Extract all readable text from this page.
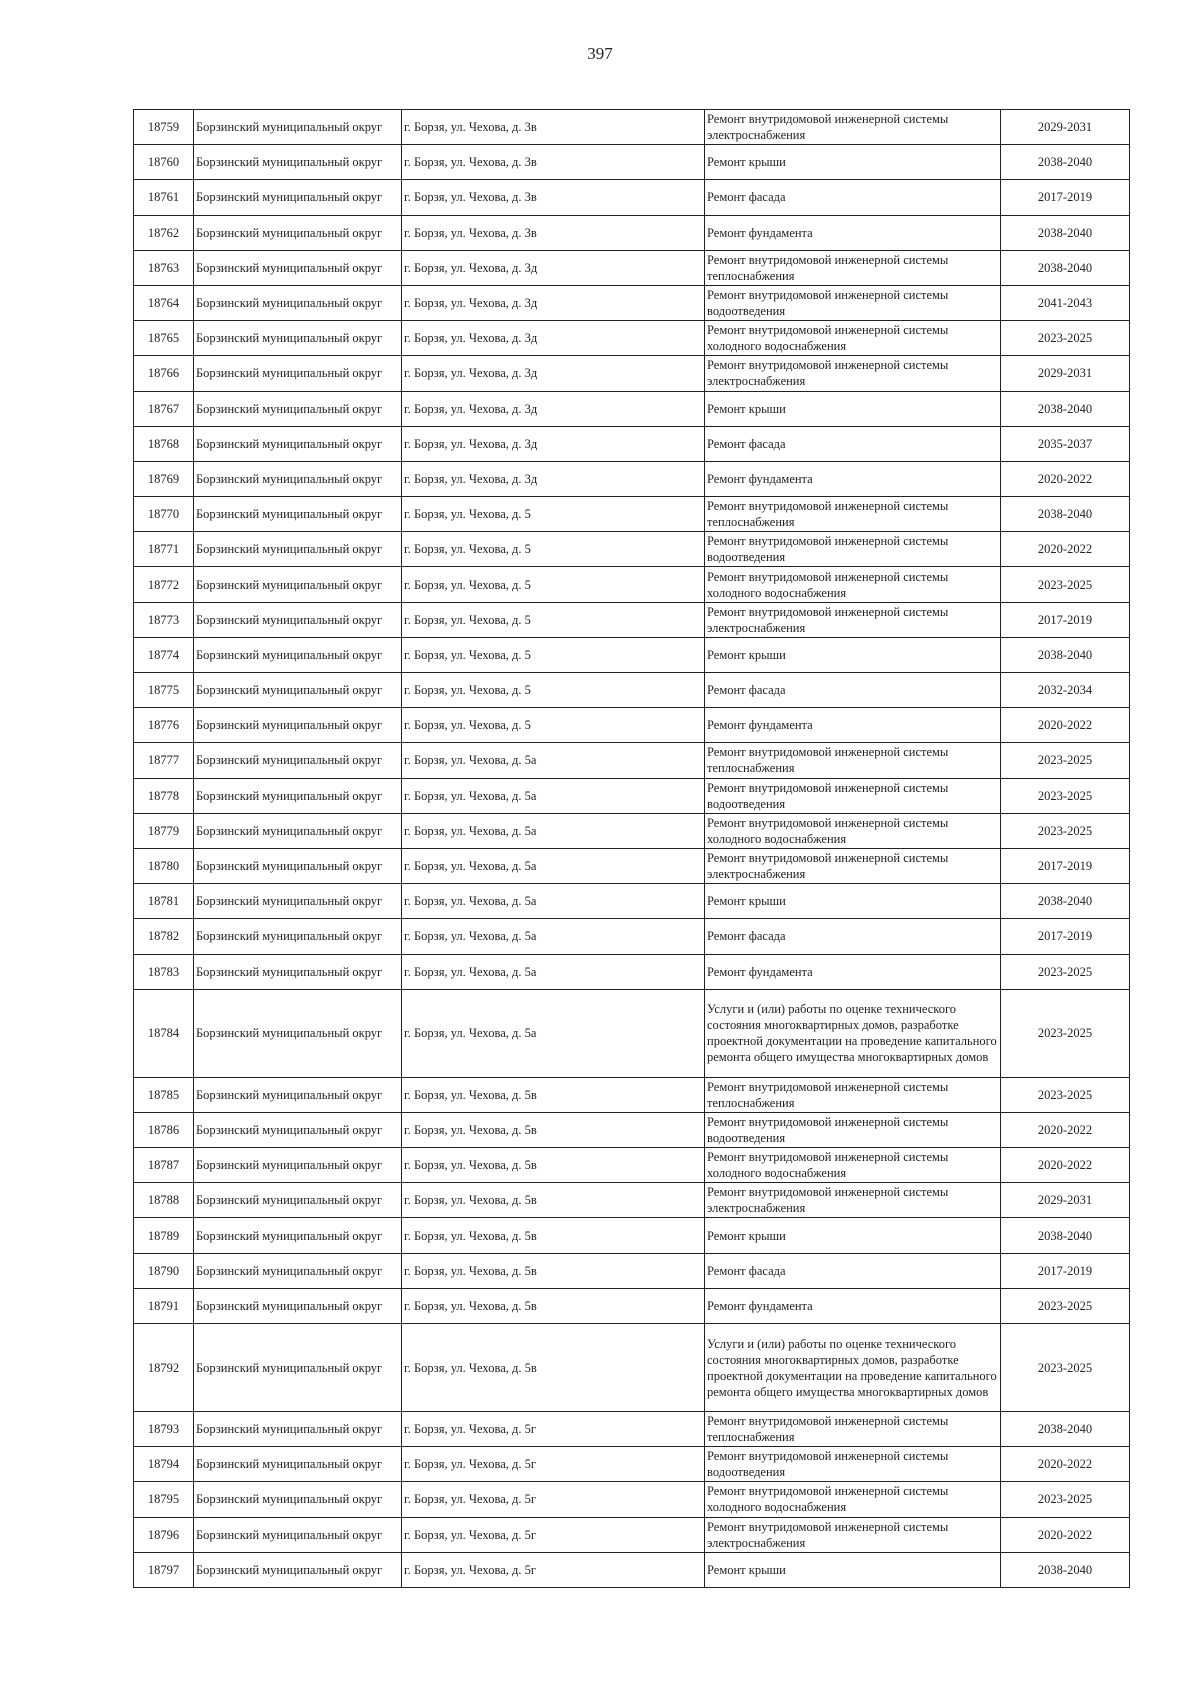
397
18759	Борзинский муниципальный округ	г. Борзя, ул. Чехова, д. 3в	Ремонт внутридомовой инженерной системы электроснабжения	2029-2031
18760	Борзинский муниципальный округ	г. Борзя, ул. Чехова, д. 3в	Ремонт крыши	2038-2040
18761	Борзинский муниципальный округ	г. Борзя, ул. Чехова, д. 3в	Ремонт фасада	2017-2019
18762	Борзинский муниципальный округ	г. Борзя, ул. Чехова, д. 3в	Ремонт фундамента	2038-2040
18763	Борзинский муниципальный округ	г. Борзя, ул. Чехова, д. 3д	Ремонт внутридомовой инженерной системы теплоснабжения	2038-2040
18764	Борзинский муниципальный округ	г. Борзя, ул. Чехова, д. 3д	Ремонт внутридомовой инженерной системы водоотведения	2041-2043
18765	Борзинский муниципальный округ	г. Борзя, ул. Чехова, д. 3д	Ремонт внутридомовой инженерной системы холодного водоснабжения	2023-2025
18766	Борзинский муниципальный округ	г. Борзя, ул. Чехова, д. 3д	Ремонт внутридомовой инженерной системы электроснабжения	2029-2031
18767	Борзинский муниципальный округ	г. Борзя, ул. Чехова, д. 3д	Ремонт крыши	2038-2040
18768	Борзинский муниципальный округ	г. Борзя, ул. Чехова, д. 3д	Ремонт фасада	2035-2037
18769	Борзинский муниципальный округ	г. Борзя, ул. Чехова, д. 3д	Ремонт фундамента	2020-2022
18770	Борзинский муниципальный округ	г. Борзя, ул. Чехова, д. 5	Ремонт внутридомовой инженерной системы теплоснабжения	2038-2040
18771	Борзинский муниципальный округ	г. Борзя, ул. Чехова, д. 5	Ремонт внутридомовой инженерной системы водоотведения	2020-2022
18772	Борзинский муниципальный округ	г. Борзя, ул. Чехова, д. 5	Ремонт внутридомовой инженерной системы холодного водоснабжения	2023-2025
18773	Борзинский муниципальный округ	г. Борзя, ул. Чехова, д. 5	Ремонт внутридомовой инженерной системы электроснабжения	2017-2019
18774	Борзинский муниципальный округ	г. Борзя, ул. Чехова, д. 5	Ремонт крыши	2038-2040
18775	Борзинский муниципальный округ	г. Борзя, ул. Чехова, д. 5	Ремонт фасада	2032-2034
18776	Борзинский муниципальный округ	г. Борзя, ул. Чехова, д. 5	Ремонт фундамента	2020-2022
18777	Борзинский муниципальный округ	г. Борзя, ул. Чехова, д. 5а	Ремонт внутридомовой инженерной системы теплоснабжения	2023-2025
18778	Борзинский муниципальный округ	г. Борзя, ул. Чехова, д. 5а	Ремонт внутридомовой инженерной системы водоотведения	2023-2025
18779	Борзинский муниципальный округ	г. Борзя, ул. Чехова, д. 5а	Ремонт внутридомовой инженерной системы холодного водоснабжения	2023-2025
18780	Борзинский муниципальный округ	г. Борзя, ул. Чехова, д. 5а	Ремонт внутридомовой инженерной системы электроснабжения	2017-2019
18781	Борзинский муниципальный округ	г. Борзя, ул. Чехова, д. 5а	Ремонт крыши	2038-2040
18782	Борзинский муниципальный округ	г. Борзя, ул. Чехова, д. 5а	Ремонт фасада	2017-2019
18783	Борзинский муниципальный округ	г. Борзя, ул. Чехова, д. 5а	Ремонт фундамента	2023-2025
18784	Борзинский муниципальный округ	г. Борзя, ул. Чехова, д. 5а	Услуги и (или) работы по оценке технического состояния многоквартирных домов, разработке проектной документации на проведение капитального ремонта общего имущества многоквартирных домов	2023-2025
18785	Борзинский муниципальный округ	г. Борзя, ул. Чехова, д. 5в	Ремонт внутридомовой инженерной системы теплоснабжения	2023-2025
18786	Борзинский муниципальный округ	г. Борзя, ул. Чехова, д. 5в	Ремонт внутридомовой инженерной системы водоотведения	2020-2022
18787	Борзинский муниципальный округ	г. Борзя, ул. Чехова, д. 5в	Ремонт внутридомовой инженерной системы холодного водоснабжения	2020-2022
18788	Борзинский муниципальный округ	г. Борзя, ул. Чехова, д. 5в	Ремонт внутридомовой инженерной системы электроснабжения	2029-2031
18789	Борзинский муниципальный округ	г. Борзя, ул. Чехова, д. 5в	Ремонт крыши	2038-2040
18790	Борзинский муниципальный округ	г. Борзя, ул. Чехова, д. 5в	Ремонт фасада	2017-2019
18791	Борзинский муниципальный округ	г. Борзя, ул. Чехова, д. 5в	Ремонт фундамента	2023-2025
18792	Борзинский муниципальный округ	г. Борзя, ул. Чехова, д. 5в	Услуги и (или) работы по оценке технического состояния многоквартирных домов, разработке проектной документации на проведение капитального ремонта общего имущества многоквартирных домов	2023-2025
18793	Борзинский муниципальный округ	г. Борзя, ул. Чехова, д. 5г	Ремонт внутридомовой инженерной системы теплоснабжения	2038-2040
18794	Борзинский муниципальный округ	г. Борзя, ул. Чехова, д. 5г	Ремонт внутридомовой инженерной системы водоотведения	2020-2022
18795	Борзинский муниципальный округ	г. Борзя, ул. Чехова, д. 5г	Ремонт внутридомовой инженерной системы холодного водоснабжения	2023-2025
18796	Борзинский муниципальный округ	г. Борзя, ул. Чехова, д. 5г	Ремонт внутридомовой инженерной системы электроснабжения	2020-2022
18797	Борзинский муниципальный округ	г. Борзя, ул. Чехова, д. 5г	Ремонт крыши	2038-2040
